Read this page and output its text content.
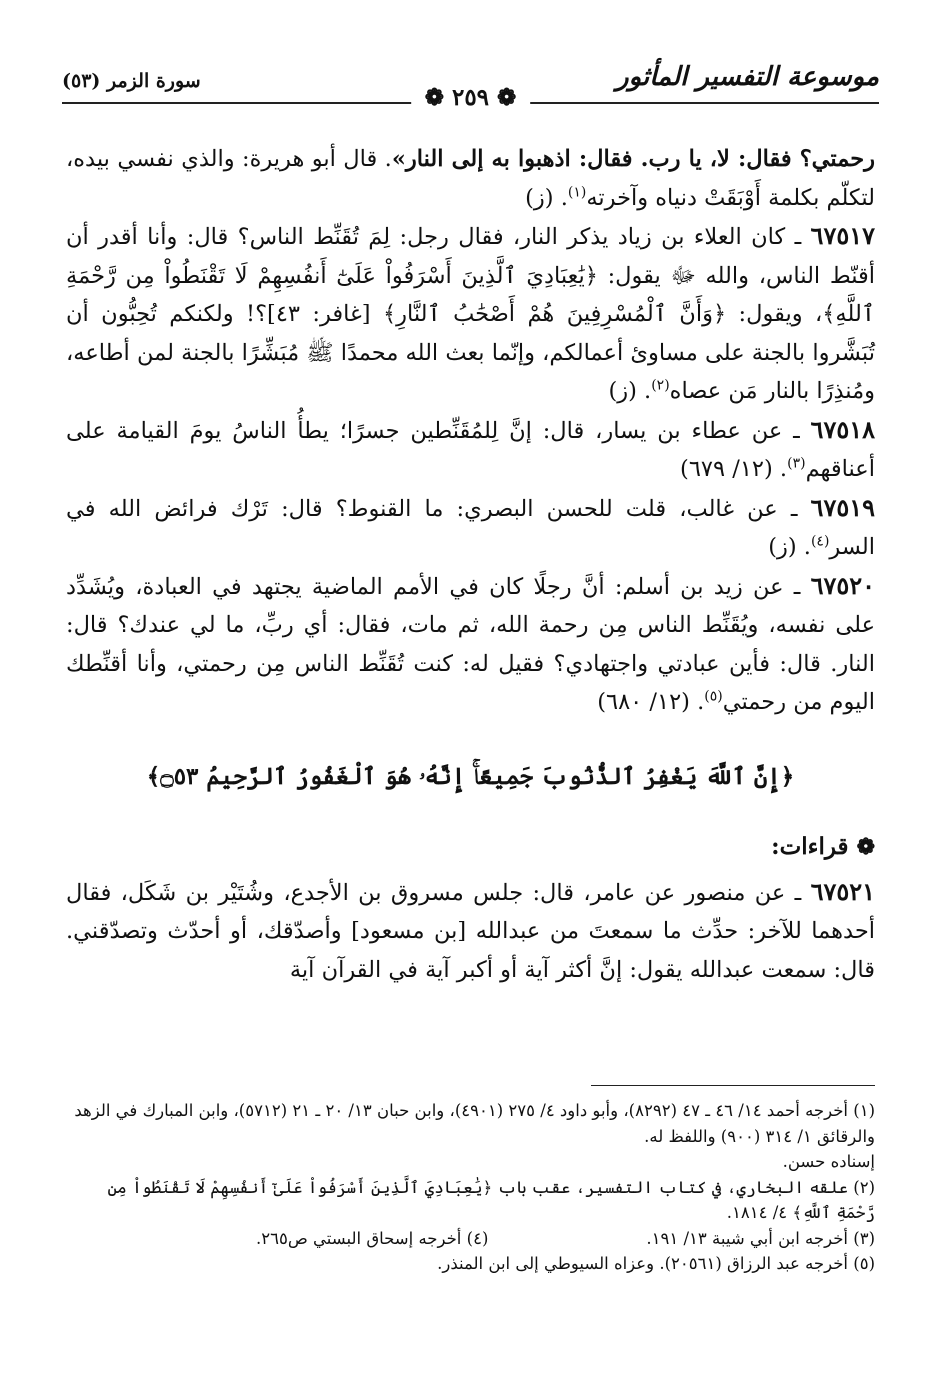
موسوعة التفسير المأثور
سورة الزمر (٥٣)
❁ ٢٥٩ ❁

رحمتي؟ فقال: لا، يا رب. فقال: اذهبوا به إلى النار». قال أبو هريرة: والذي نفسي بيده، لتكلّم بكلمة أَوْبَقَتْ دنياه وآخرته$^{(١)}$. (ز)

٦٧٥١٧ ـ كان العلاء بن زياد يذكر النار، فقال رجل: لِمَ تُقَنِّط الناس؟ قال: وأنا أقدر أن أقنّط الناس، والله ﷻ يقول: ﴿يَٰعِبَادِيَ ٱلَّذِينَ أَسْرَفُواْ عَلَىٰٓ أَنفُسِهِمْ لَا تَقْنَطُواْ مِن رَّحْمَةِ ٱللَّهِ﴾، ويقول: ﴿وَأَنَّ ٱلْمُسْرِفِينَ هُمْ أَصْحَٰبُ ٱلنَّارِ﴾ [غافر: ٤٣]؟! ولكنكم تُحِبُّون أن تُبَشَّروا بالجنة على مساوئ أعمالكم، وإنّما بعث الله محمدًا ﷺ مُبَشِّرًا بالجنة لمن أطاعه، ومُنذِرًا بالنار مَن عصاه$^{(٢)}$. (ز)

٦٧٥١٨ ـ عن عطاء بن يسار، قال: إنَّ لِلمُقَنِّطين جسرًا؛ يطأُ الناسُ يومَ القيامة على أعناقهم$^{(٣)}$. (١٢/ ٦٧٩)

٦٧٥١٩ ـ عن غالب، قلت للحسن البصري: ما القنوط؟ قال: تَرْك فرائض الله في السر$^{(٤)}$. (ز)

٦٧٥٢٠ ـ عن زيد بن أسلم: أنَّ رجلًا كان في الأمم الماضية يجتهد في العبادة، ويُشَدِّد على نفسه، ويُقَنِّط الناس مِن رحمة الله، ثم مات، فقال: أي ربِّ، ما لي عندك؟ قال: النار. قال: فأين عبادتي واجتهادي؟ فقيل له: كنت تُقَنِّط الناس مِن رحمتي، وأنا أقنِّطك اليوم من رحمتي$^{(٥)}$. (١٢/ ٦٨٠)

﴿إِنَّ ٱللَّهَ يَغْفِرُ ٱلذُّنُوبَ جَمِيعًاۚ إِنَّهُۥ هُوَ ٱلْغَفُورُ ٱلرَّحِيمُ ۝٥٣﴾
❁ قراءات:

٦٧٥٢١ ـ عن منصور عن عامر، قال: جلس مسروق بن الأجدع، وشُتَيْر بن شَكَل، فقال أحدهما للآخر: حدِّث ما سمعتَ من عبدالله [بن مسعود] وأصدّقك، أو أحدّث وتصدّقني. قال: سمعت عبدالله يقول: إنَّ أكثر آية أو أكبر آية في القرآن آية

(١) أخرجه أحمد ١٤/ ٤٦ ـ ٤٧ (٨٢٩٢)، وأبو داود ٤/ ٢٧٥ (٤٩٠١)، وابن حبان ١٣/ ٢٠ ـ ٢١ (٥٧١٢)، وابن المبارك في الزهد والرقائق ١/ ٣١٤ (٩٠٠) واللفظ له.
إسناده حسن.
(٢) علقه البخاري، في كتاب التفسير، عقب باب ﴿يَٰعِبَادِيَ ٱلَّذِينَ أَسْرَفُواْ عَلَىٰٓ أَنفُسِهِمْ لَا تَقْنَطُواْ مِن رَّحْمَةِ ٱللَّهِ﴾ ٤/ ١٨١٤.
(٣) أخرجه ابن أبي شيبة ١٣/ ١٩١.
(٤) أخرجه إسحاق البستي ص٢٦٥.
(٥) أخرجه عبد الرزاق (٢٠٥٦١). وعزاه السيوطي إلى ابن المنذر.
